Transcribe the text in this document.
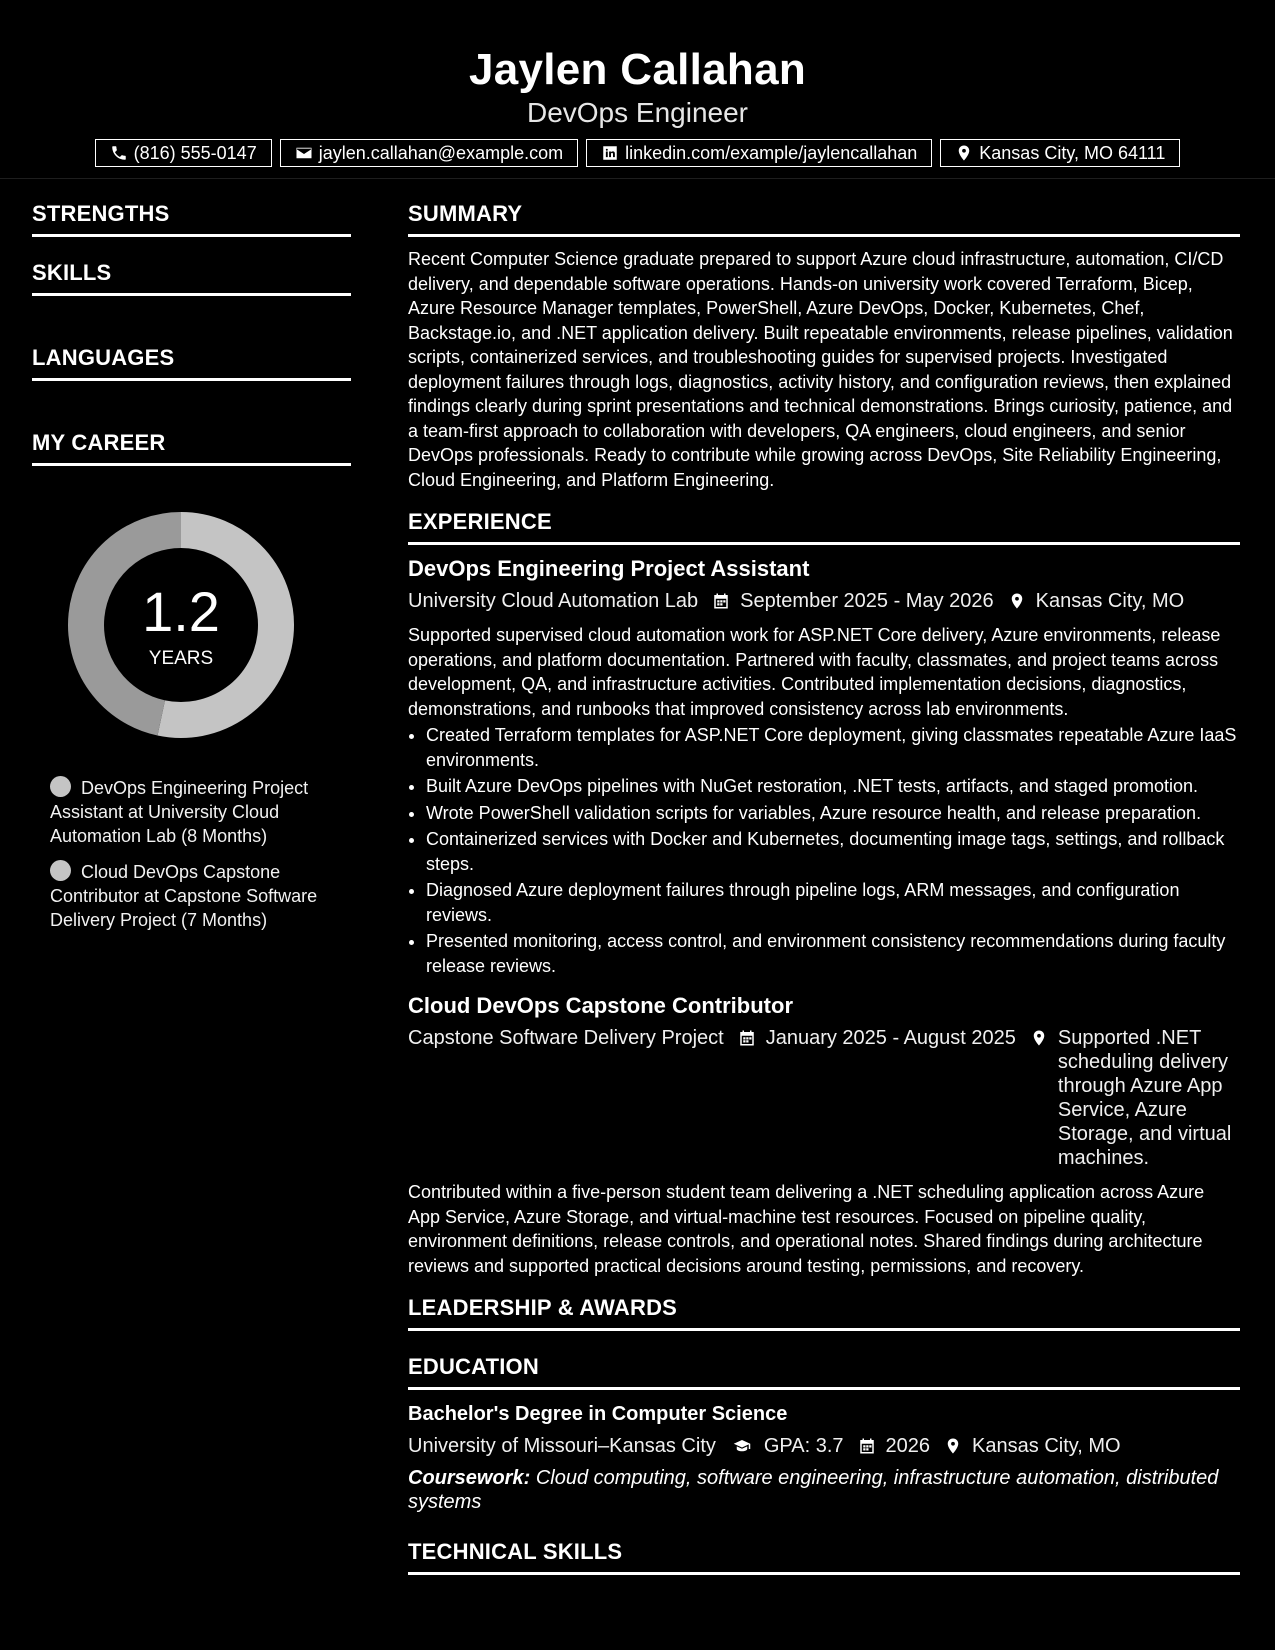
Jaylen Callahan
DevOps Engineer
(816) 555-0147	jaylen.callahan@example.com	linkedin.com/example/jaylencallahan	Kansas City, MO 64111
STRENGTHS
SKILLS
LANGUAGES
MY CAREER
1.2
YEARS
DevOps Engineering Project Assistant at University Cloud Automation Lab (8 Months)
Cloud DevOps Capstone Contributor at Capstone Software Delivery Project (7 Months)
SUMMARY
Recent Computer Science graduate prepared to support Azure cloud infrastructure, automation, CI/CD delivery, and dependable software operations. Hands-on university work covered Terraform, Bicep, Azure Resource Manager templates, PowerShell, Azure DevOps, Docker, Kubernetes, Chef, Backstage.io, and .NET application delivery. Built repeatable environments, release pipelines, validation scripts, containerized services, and troubleshooting guides for supervised projects. Investigated deployment failures through logs, diagnostics, activity history, and configuration reviews, then explained findings clearly during sprint presentations and technical demonstrations. Brings curiosity, patience, and a team-first approach to collaboration with developers, QA engineers, cloud engineers, and senior DevOps professionals. Ready to contribute while growing across DevOps, Site Reliability Engineering, Cloud Engineering, and Platform Engineering.
EXPERIENCE
DevOps Engineering Project Assistant
University Cloud Automation Lab September 2025 - May 2026 Kansas City, MO
Supported supervised cloud automation work for ASP.NET Core delivery, Azure environments, release operations, and platform documentation. Partnered with faculty, classmates, and project teams across development, QA, and infrastructure activities. Contributed implementation decisions, diagnostics, demonstrations, and runbooks that improved consistency across lab environments.
• Created Terraform templates for ASP.NET Core deployment, giving classmates repeatable Azure IaaS environments.
• Built Azure DevOps pipelines with NuGet restoration, .NET tests, artifacts, and staged promotion.
• Wrote PowerShell validation scripts for variables, Azure resource health, and release preparation.
• Containerized services with Docker and Kubernetes, documenting image tags, settings, and rollback steps.
• Diagnosed Azure deployment failures through pipeline logs, ARM messages, and configuration reviews.
• Presented monitoring, access control, and environment consistency recommendations during faculty release reviews.
Cloud DevOps Capstone Contributor
Capstone Software Delivery Project January 2025 - August 2025 Supported .NET scheduling delivery through Azure App Service, Azure Storage, and virtual machines.
Contributed within a five-person student team delivering a .NET scheduling application across Azure App Service, Azure Storage, and virtual-machine test resources. Focused on pipeline quality, environment definitions, release controls, and operational notes. Shared findings during architecture reviews and supported practical decisions around testing, permissions, and recovery.
LEADERSHIP & AWARDS
EDUCATION
Bachelor's Degree in Computer Science
University of Missouri–Kansas City GPA: 3.7 2026 Kansas City, MO
Coursework: Cloud computing, software engineering, infrastructure automation, distributed systems
TECHNICAL SKILLS
